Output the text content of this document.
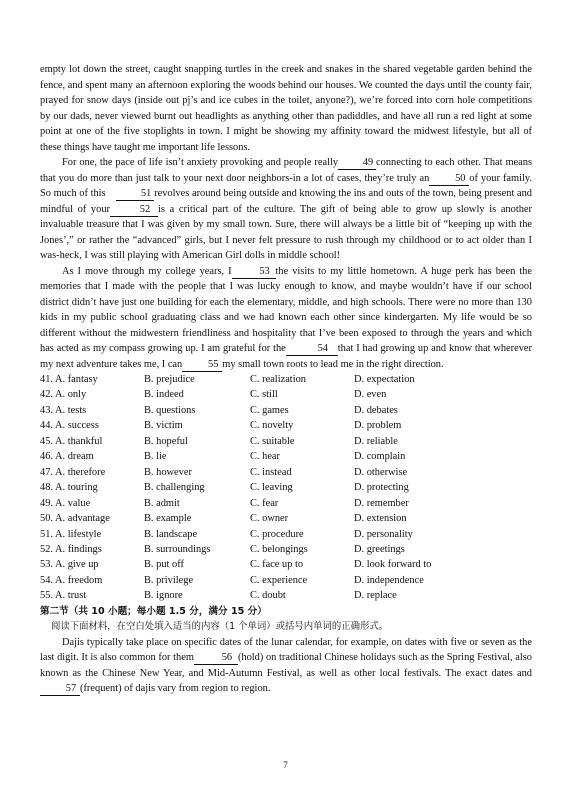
empty lot down the street, caught snapping turtles in the creek and snakes in the shared vegetable garden behind the fence, and spent many an afternoon exploring the woods behind our houses. We counted the days until the county fair, prayed for snow days (inside out pj’s and ice cubes in the toilet, anyone?), we’re forced into corn hole competitions by our dads, never viewed burnt out headlights as anything other than padiddles, and have all run a red light at some point at one of the five stoplights in town. I might be showing my affinity toward the midwest lifestyle, but all of these things have taught me important life lessons.

For one, the pace of life isn’t anxiety provoking and people really 49 connecting to each other. That means that you do more than just talk to your next door neighbors-in a lot of cases, they’re truly an 50 of your family. So much of this	51 revolves around being outside and knowing the ins and outs of the town, being present and mindful of your	52 is a critical part of the culture. The gift of being able to grow up slowly is another invaluable treasure that I was given by my small town. Sure, there will always be a little bit of “keeping up with the Jones’,” or rather the “advanced” girls, but I never felt pressure to rush through my childhood or to act older than I was-heck, I was still playing with American Girl dolls in middle school!

As I move through my college years, I	53 the visits to my little hometown. A huge perk has been the memories that I made with the people that I was lucky enough to know, and maybe wouldn’t have if our school district didn’t have just one building for each the elementary, middle, and high schools. There were no more than 130 kids in my public school graduating class and we had known each other since kindergarten. My life would be so different without the midwestern friendliness and hospitality that I’ve been exposed to through the years and which has acted as my compass growing up. I am grateful for the	54 that I had growing up and know that wherever my next adventure takes me, I can 55 my small town roots to lead me in the right direction.

41. A. fantasy	B. prejudice	C. realization	D. expectation
42. A. only	B. indeed	C. still	D. even
43. A. tests	B. questions	C. games	D. debates
44. A. success	B. victim	C. novelty	D. problem
45. A. thankful	B. hopeful	C. suitable	D. reliable
46. A. dream	B. lie	C. hear	D. complain
47. A. therefore	B. however	C. instead	D. otherwise
48. A. touring	B. challenging	C. leaving	D. protecting
49. A. value	B. admit	C. fear	D. remember
50. A. advantage	B. example	C. owner	D. extension
51. A. lifestyle	B. landscape	C. procedure	D. personality
52. A. findings	B. surroundings	C. belongings	D. greetings
53. A. give up	B. put off	C. face up to	D. look forward to
54. A. freedom	B. privilege	C. experience	D. independence
55. A. trust	B. ignore	C. doubt	D. replace

第二节（共 10 小题；每小题 1.5 分，满分 15 分）

阅读下面材料，在空白处填入适当的内容（1 个单词）或括号内单词的正确形式。

Dajis typically take place on specific dates of the lunar calendar, for example, on dates with five or seven as the last digit. It is also common for them	56 (hold) on traditional Chinese holidays such as the Spring Festival, also known as the Chinese New Year, and Mid-Autumn Festival, as well as other local festivals. The exact dates and57 (frequent) of dajis vary from region to region.

7
